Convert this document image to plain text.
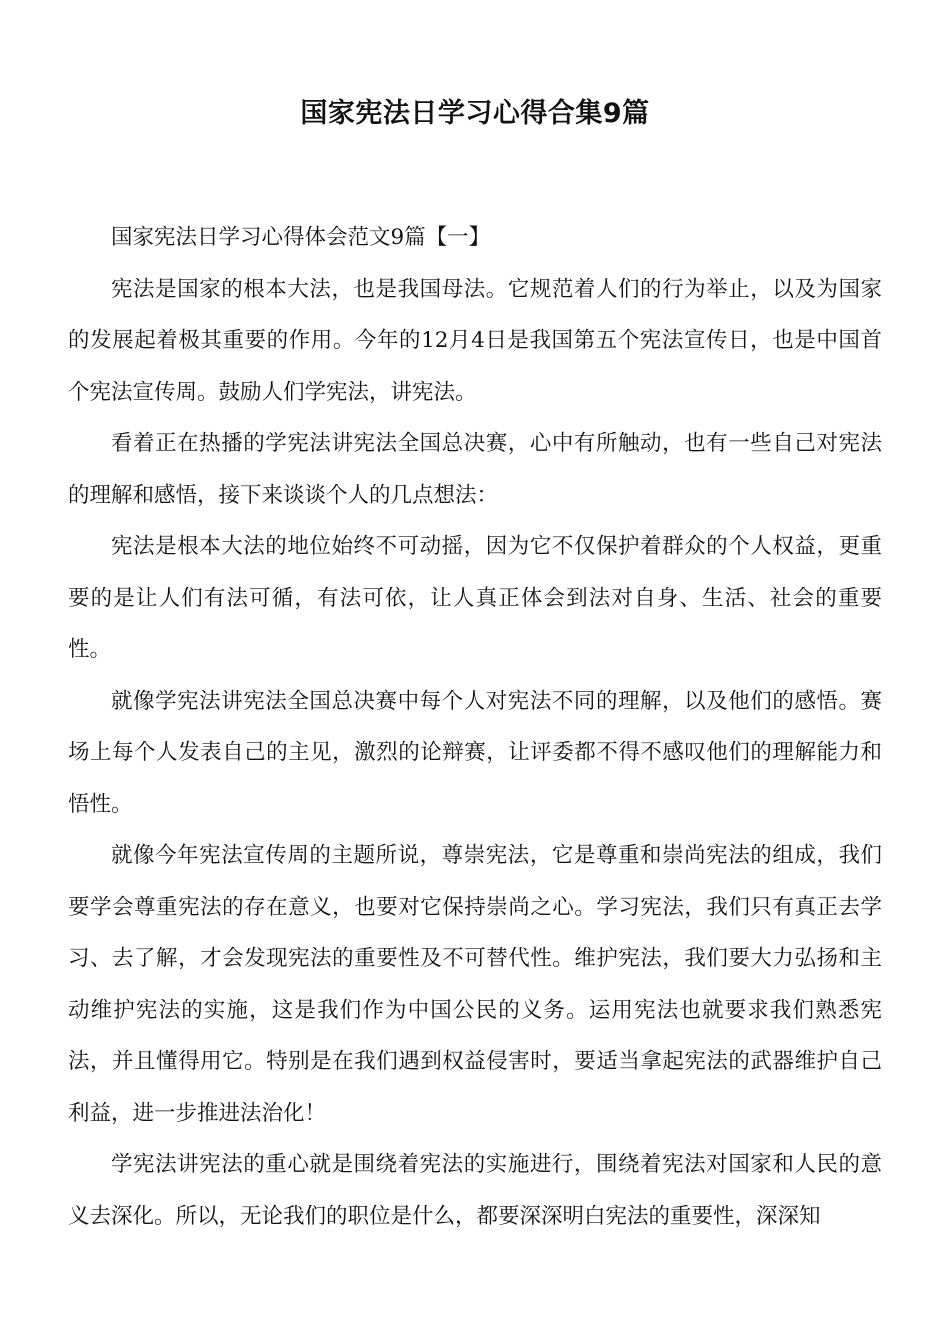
国家宪法日学习心得合集9篇

国家宪法日学习心得体会范文9篇【一】

宪法是国家的根本大法，也是我国母法。它规范着人们的行为举止，以及为国家的发展起着极其重要的作用。今年的12月4日是我国第五个宪法宣传日，也是中国首个宪法宣传周。鼓励人们学宪法，讲宪法。

看着正在热播的学宪法讲宪法全国总决赛，心中有所触动，也有一些自己对宪法的理解和感悟，接下来谈谈个人的几点想法：

宪法是根本大法的地位始终不可动摇，因为它不仅保护着群众的个人权益，更重要的是让人们有法可循，有法可依，让人真正体会到法对自身、生活、社会的重要性。

就像学宪法讲宪法全国总决赛中每个人对宪法不同的理解，以及他们的感悟。赛场上每个人发表自己的主见，激烈的论辩赛，让评委都不得不感叹他们的理解能力和悟性。

就像今年宪法宣传周的主题所说，尊崇宪法，它是尊重和崇尚宪法的组成，我们要学会尊重宪法的存在意义，也要对它保持崇尚之心。学习宪法，我们只有真正去学习、去了解，才会发现宪法的重要性及不可替代性。维护宪法，我们要大力弘扬和主动维护宪法的实施，这是我们作为中国公民的义务。运用宪法也就要求我们熟悉宪法，并且懂得用它。特别是在我们遇到权益侵害时，要适当拿起宪法的武器维护自己利益，进一步推进法治化！

学宪法讲宪法的重心就是围绕着宪法的实施进行，围绕着宪法对国家和人民的意义去深化。所以，无论我们的职位是什么，都要深深明白宪法的重要性，深深知
